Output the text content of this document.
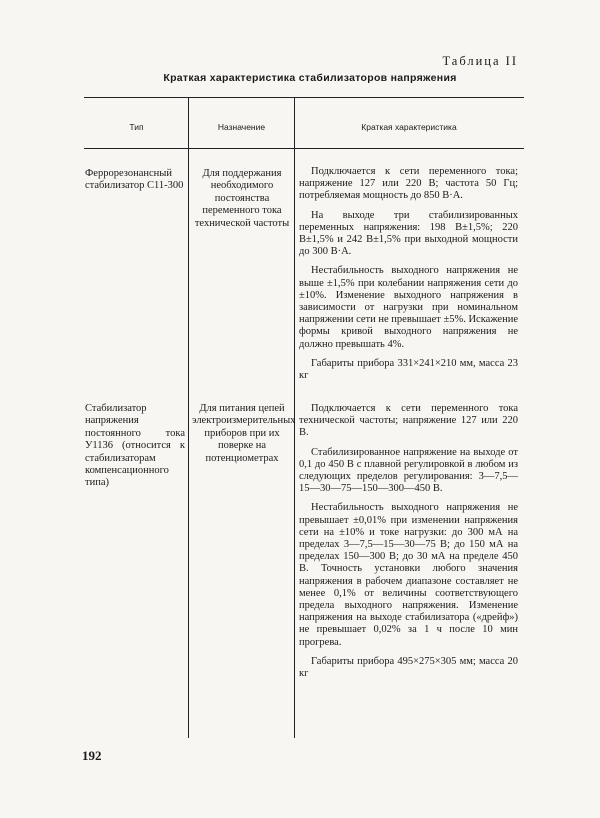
Таблица II
Краткая характеристика стабилизаторов напряжения
Тип	Назначение	Краткая характеристика
Феррорезонансный стабилизатор С11-300
Для поддержания необходимого постоянства переменного тока технической частоты

Подключается к сети переменного тока; напряжение 127 или 220 В; частота 50 Гц; потребляемая мощность до 850 В·А.

На выходе три стабилизированных переменных напряжения: 198 В±1,5%; 220 В±1,5% и 242 В±1,5% при выходной мощности до 300 В·А.

Нестабильность выходного напряжения не выше ±1,5% при колебании напряжения сети до ±10%. Изменение выходного напряжения в зависимости от нагрузки при номинальном напряжении сети не превышает ±5%. Искажение формы кривой выходного напряжения не должно превышать 4%.

Габариты прибора 331×241×210 мм, масса 23 кг

Стабилизатор напряжения постоянного тока У1136 (относится к стабилизаторам компенсационного типа)
Для питания цепей электроизмерительных приборов при их поверке на потенциометрах

Подключается к сети переменного тока технической частоты; напряжение 127 или 220 В.

Стабилизированное напряжение на выходе от 0,1 до 450 В с плавной регулировкой в любом из следующих пределов регулирования: 3—7,5—15—30—75—150—300—450 В.

Нестабильность выходного напряжения не превышает ±0,01% при изменении напряжения сети на ±10% и токе нагрузки: до 300 мА на пределах 3—7,5—15—30—75 В; до 150 мА на пределах 150—300 В; до 30 мА на пределе 450 В. Точность установки любого значения напряжения в рабочем диапазоне составляет не менее 0,1% от величины соответствующего предела выходного напряжения. Изменение напряжения на выходе стабилизатора («дрейф») не превышает 0,02% за 1 ч после 10 мин прогрева.

Габариты прибора 495×275×305 мм; масса 20 кг

192
